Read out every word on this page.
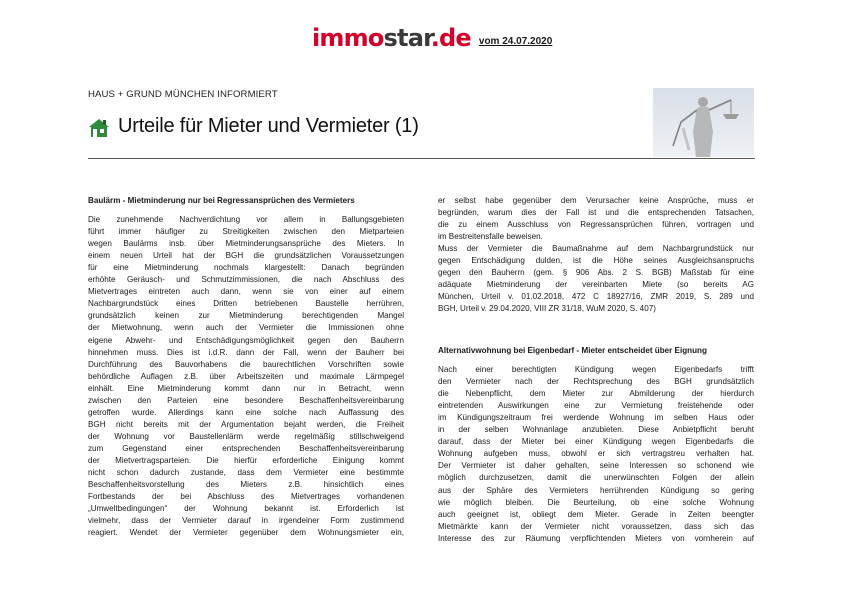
immostar.de vom 24.07.2020
HAUS + GRUND MÜNCHEN INFORMIERT
Urteile für Mieter und Vermieter (1)

Baulärm - Mietminderung nur bei Regressansprüchen des Vermieters

Die zunehmende Nachverdichtung vor allem in Ballungsgebieten

führt immer häufiger zu Streitigkeiten zwischen den Mietparteien

wegen Baulärms insb. über Mietminderungsansprüche des Mieters. In

einem neuen Urteil hat der BGH die grundsätzlichen Voraussetzungen

für eine Mietminderung nochmals klargestellt: Danach begründen

erhöhte Geräusch- und Schmutzimmissionen, die nach Abschluss des

Mietvertrages eintreten auch dann, wenn sie von einer auf einem

Nachbargrundstück eines Dritten betriebenen Baustelle herrühren,

grundsätzlich keinen zur Mietminderung berechtigenden Mangel

der Mietwohnung, wenn auch der Vermieter die Immissionen ohne

eigene Abwehr- und Entschädigungsmöglichkeit gegen den Bauherrn

hinnehmen muss. Dies ist i.d.R. dann der Fall, wenn der Bauherr bei

Durchführung des Bauvorhabens die baurechtlichen Vorschriften sowie

behördliche Auflagen z.B. über Arbeitszeiten und maximale Lärmpegel

einhält. Eine Mietminderung kommt dann nur in Betracht, wenn

zwischen den Parteien eine besondere Beschaffenheitsvereinbarung

getroffen wurde. Allerdings kann eine solche nach Auffassung des

BGH nicht bereits mit der Argumentation bejaht werden, die Freiheit

der Wohnung vor Baustellenlärm werde regelmäßig stillschweigend

zum Gegenstand einer entsprechenden Beschaffenheitsvereinbarung

der Mietvertragsparteien. Die hierfür erforderliche Einigung kommt

nicht schon dadurch zustande, dass dem Vermieter eine bestimmte

Beschaffenheitsvorstellung des Mieters z.B. hinsichtlich eines

Fortbestands der bei Abschluss des Mietvertrages vorhandenen

„Umweltbedingungen“ der Wohnung bekannt ist. Erforderlich ist

vielmehr, dass der Vermieter darauf in irgendeiner Form zustimmend

reagiert. Wendet der Vermieter gegenüber dem Wohnungsmieter ein,

er selbst habe gegenüber dem Verursacher keine Ansprüche, muss er

begründen, warum dies der Fall ist und die entsprechenden Tatsachen,

die zu einem Ausschluss von Regressansprüchen führen, vortragen und

im Bestreitensfalle beweisen.

Muss der Vermieter die Baumaßnahme auf dem Nachbargrundstück nur

gegen Entschädigung dulden, ist die Höhe seines Ausgleichsanspruchs

gegen den Bauherrn (gem. § 906 Abs. 2 S. BGB) Maßstab für eine

adäquate Mietminderung der vereinbarten Miete (so bereits AG

München, Urteil v. 01.02.2018, 472 C 18927/16, ZMR 2019, S. 289 und

BGH, Urteil v. 29.04.2020, VIII ZR 31/18, WuM 2020, S. 407)

Alternativwohnung bei Eigenbedarf - Mieter entscheidet über Eignung

Nach einer berechtigten Kündigung wegen Eigenbedarfs trifft

den Vermieter nach der Rechtsprechung des BGH grundsätzlich

die Nebenpflicht, dem Mieter zur Abmilderung der hierdurch

eintretenden Auswirkungen eine zur Vermietung freistehende oder

im Kündigungszeitraum frei werdende Wohnung im selben Haus oder

in der selben Wohnanlage anzubieten. Diese Anbietpflicht beruht

darauf, dass der Mieter bei einer Kündigung wegen Eigenbedarfs die

Wohnung aufgeben muss, obwohl er sich vertragstreu verhalten hat.

Der Vermieter ist daher gehalten, seine Interessen so schonend wie

möglich durchzusetzen, damit die unerwünschten Folgen der allein

aus der Sphäre des Vermieters herrührenden Kündigung so gering

wie möglich bleiben. Die Beurteilung, ob eine solche Wohnung

auch geeignet ist, obliegt dem Mieter. Gerade in Zeiten beengter

Mietmärkte kann der Vermieter nicht voraussetzen, dass sich das

Interesse des zur Räumung verpflichtenden Mieters von vornherein auf
